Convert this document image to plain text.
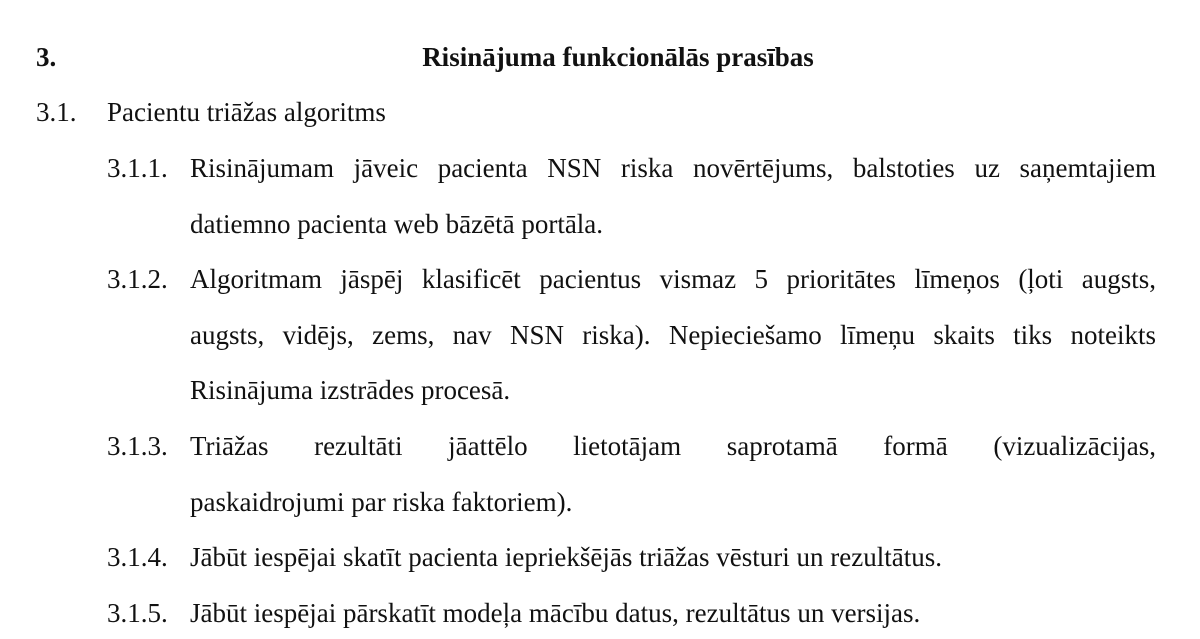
3.	Risinājuma funkcionālās prasības
3.1. Pacientu triāžas algoritms
3.1.1. Risinājumam jāveic pacienta NSN riska novērtējums, balstoties uz saņemtajiem
datiemno pacienta web bāzētā portāla.
3.1.2. Algoritmam jāspēj klasificēt pacientus vismaz 5 prioritātes līmeņos (ļoti augsts,
augsts, vidējs, zems, nav NSN riska). Nepieciešamo līmeņu skaits tiks noteikts
Risinājuma izstrādes procesā.
3.1.3. Triāžas rezultāti jāattēlo lietotājam saprotamā formā (vizualizācijas,
paskaidrojumi par riska faktoriem).
3.1.4. Jābūt iespējai skatīt pacienta iepriekšējās triāžas vēsturi un rezultātus.
3.1.5. Jābūt iespējai pārskatīt modeļa mācību datus, rezultātus un versijas.
